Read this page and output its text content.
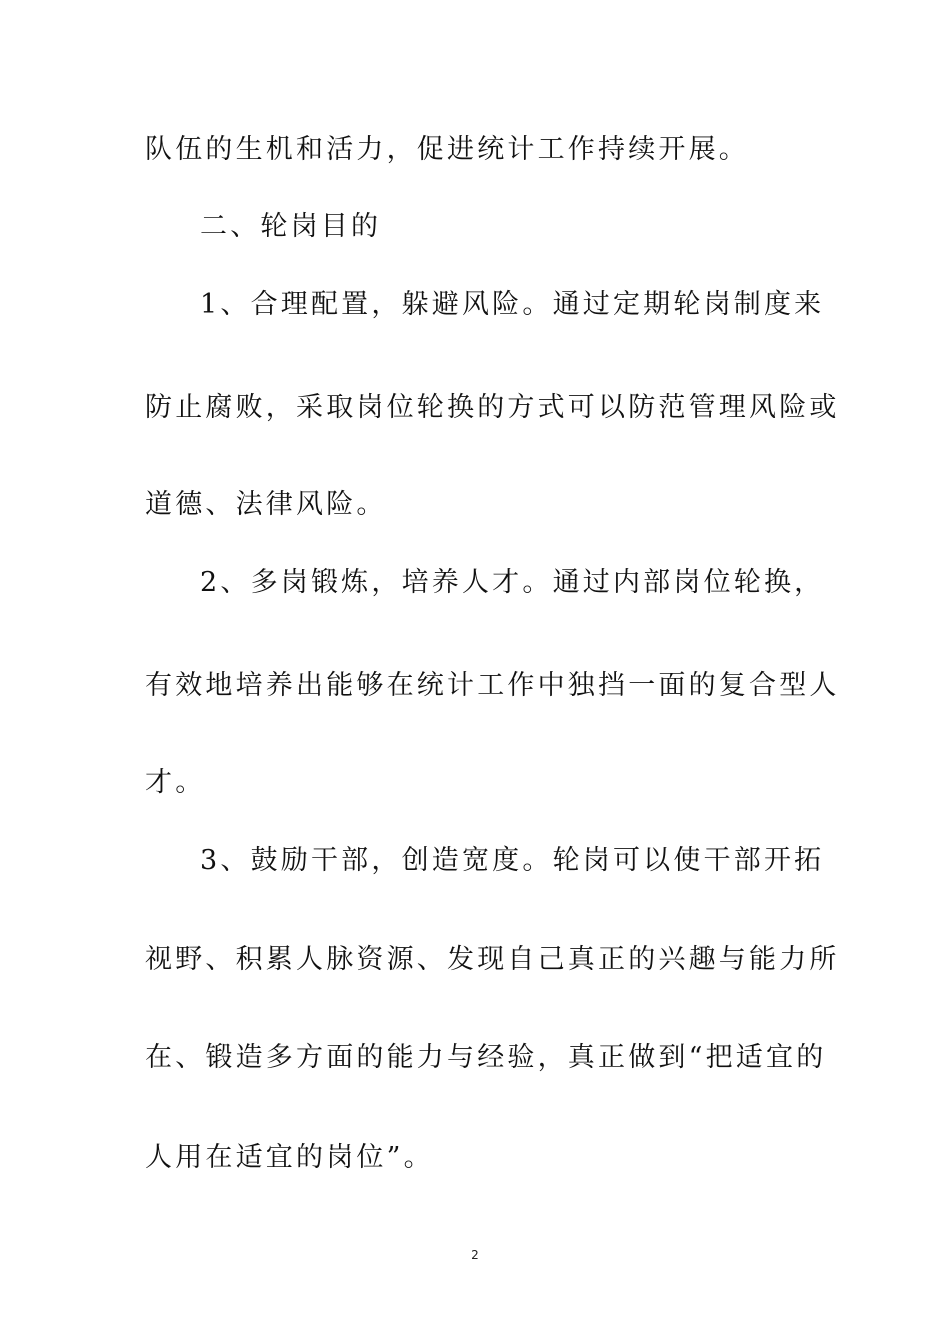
队伍的生机和活力，促进统计工作持续开展。
二、轮岗目的
1、合理配置，躲避风险。通过定期轮岗制度来
防止腐败，采取岗位轮换的方式可以防范管理风险或
道德、法律风险。
2、多岗锻炼，培养人才。通过内部岗位轮换，
有效地培养出能够在统计工作中独挡一面的复合型人
才。
3、鼓励干部，创造宽度。轮岗可以使干部开拓
视野、积累人脉资源、发现自己真正的兴趣与能力所
在、锻造多方面的能力与经验，真正做到“把适宜的
人用在适宜的岗位”。
2
